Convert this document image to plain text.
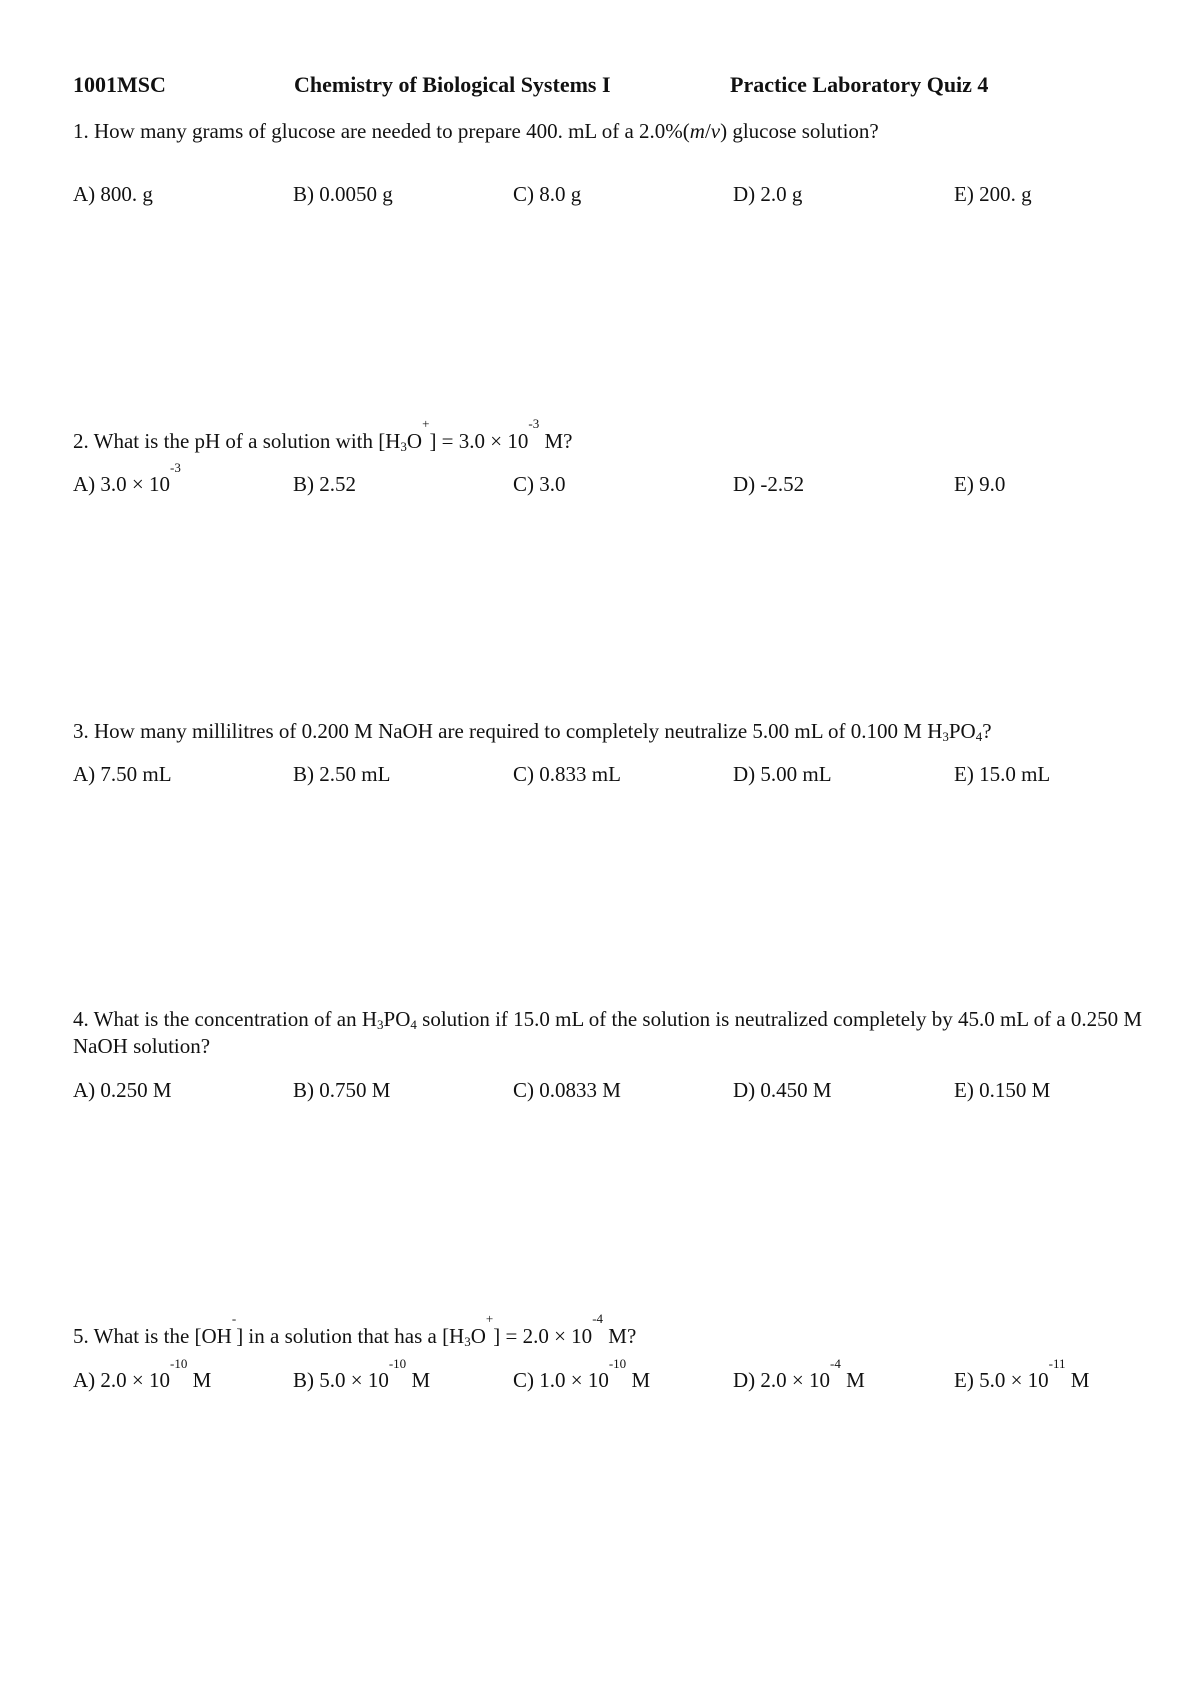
1001MSC	Chemistry of Biological Systems I	Practice Laboratory Quiz 4
1. How many grams of glucose are needed to prepare 400. mL of a 2.0%(m/v) glucose solution?
A) 800. g	B) 0.0050 g	C) 8.0 g	D) 2.0 g	E) 200. g
2. What is the pH of a solution with $[H_3O^+] = 3.0 \times 10^{-3}$ M?
A) $3.0 \times 10^{-3}$
B) 2.52	C) 3.0	D) -2.52	E) 9.0
3. How many millilitres of 0.200 M NaOH are required to completely neutralize 5.00 mL of 0.100 M $H_3PO_4$?
A) 7.50 mL	B) 2.50 mL	C) 0.833 mL	D) 5.00 mL	E) 15.0 mL
4. What is the concentration of an $H_3PO_4$ solution if 15.0 mL of the solution is neutralized completely by 45.0 mL of a 0.250 M NaOH solution?
A) 0.250 M	B) 0.750 M	C) 0.0833 M	D) 0.450 M	E) 0.150 M
5. What is the [OH-] in a solution that has a $[H_3O^+] = 2.0 \times 10^{-4}$ M?
A) $2.0 \times 10^{-10}$ M	B) $5.0 \times 10^{-10}$ M	C) $1.0 \times 10^{-10}$ M	D) $2.0 \times 10^{-4}$ M	E) $5.0 \times 10^{-11}$ M
